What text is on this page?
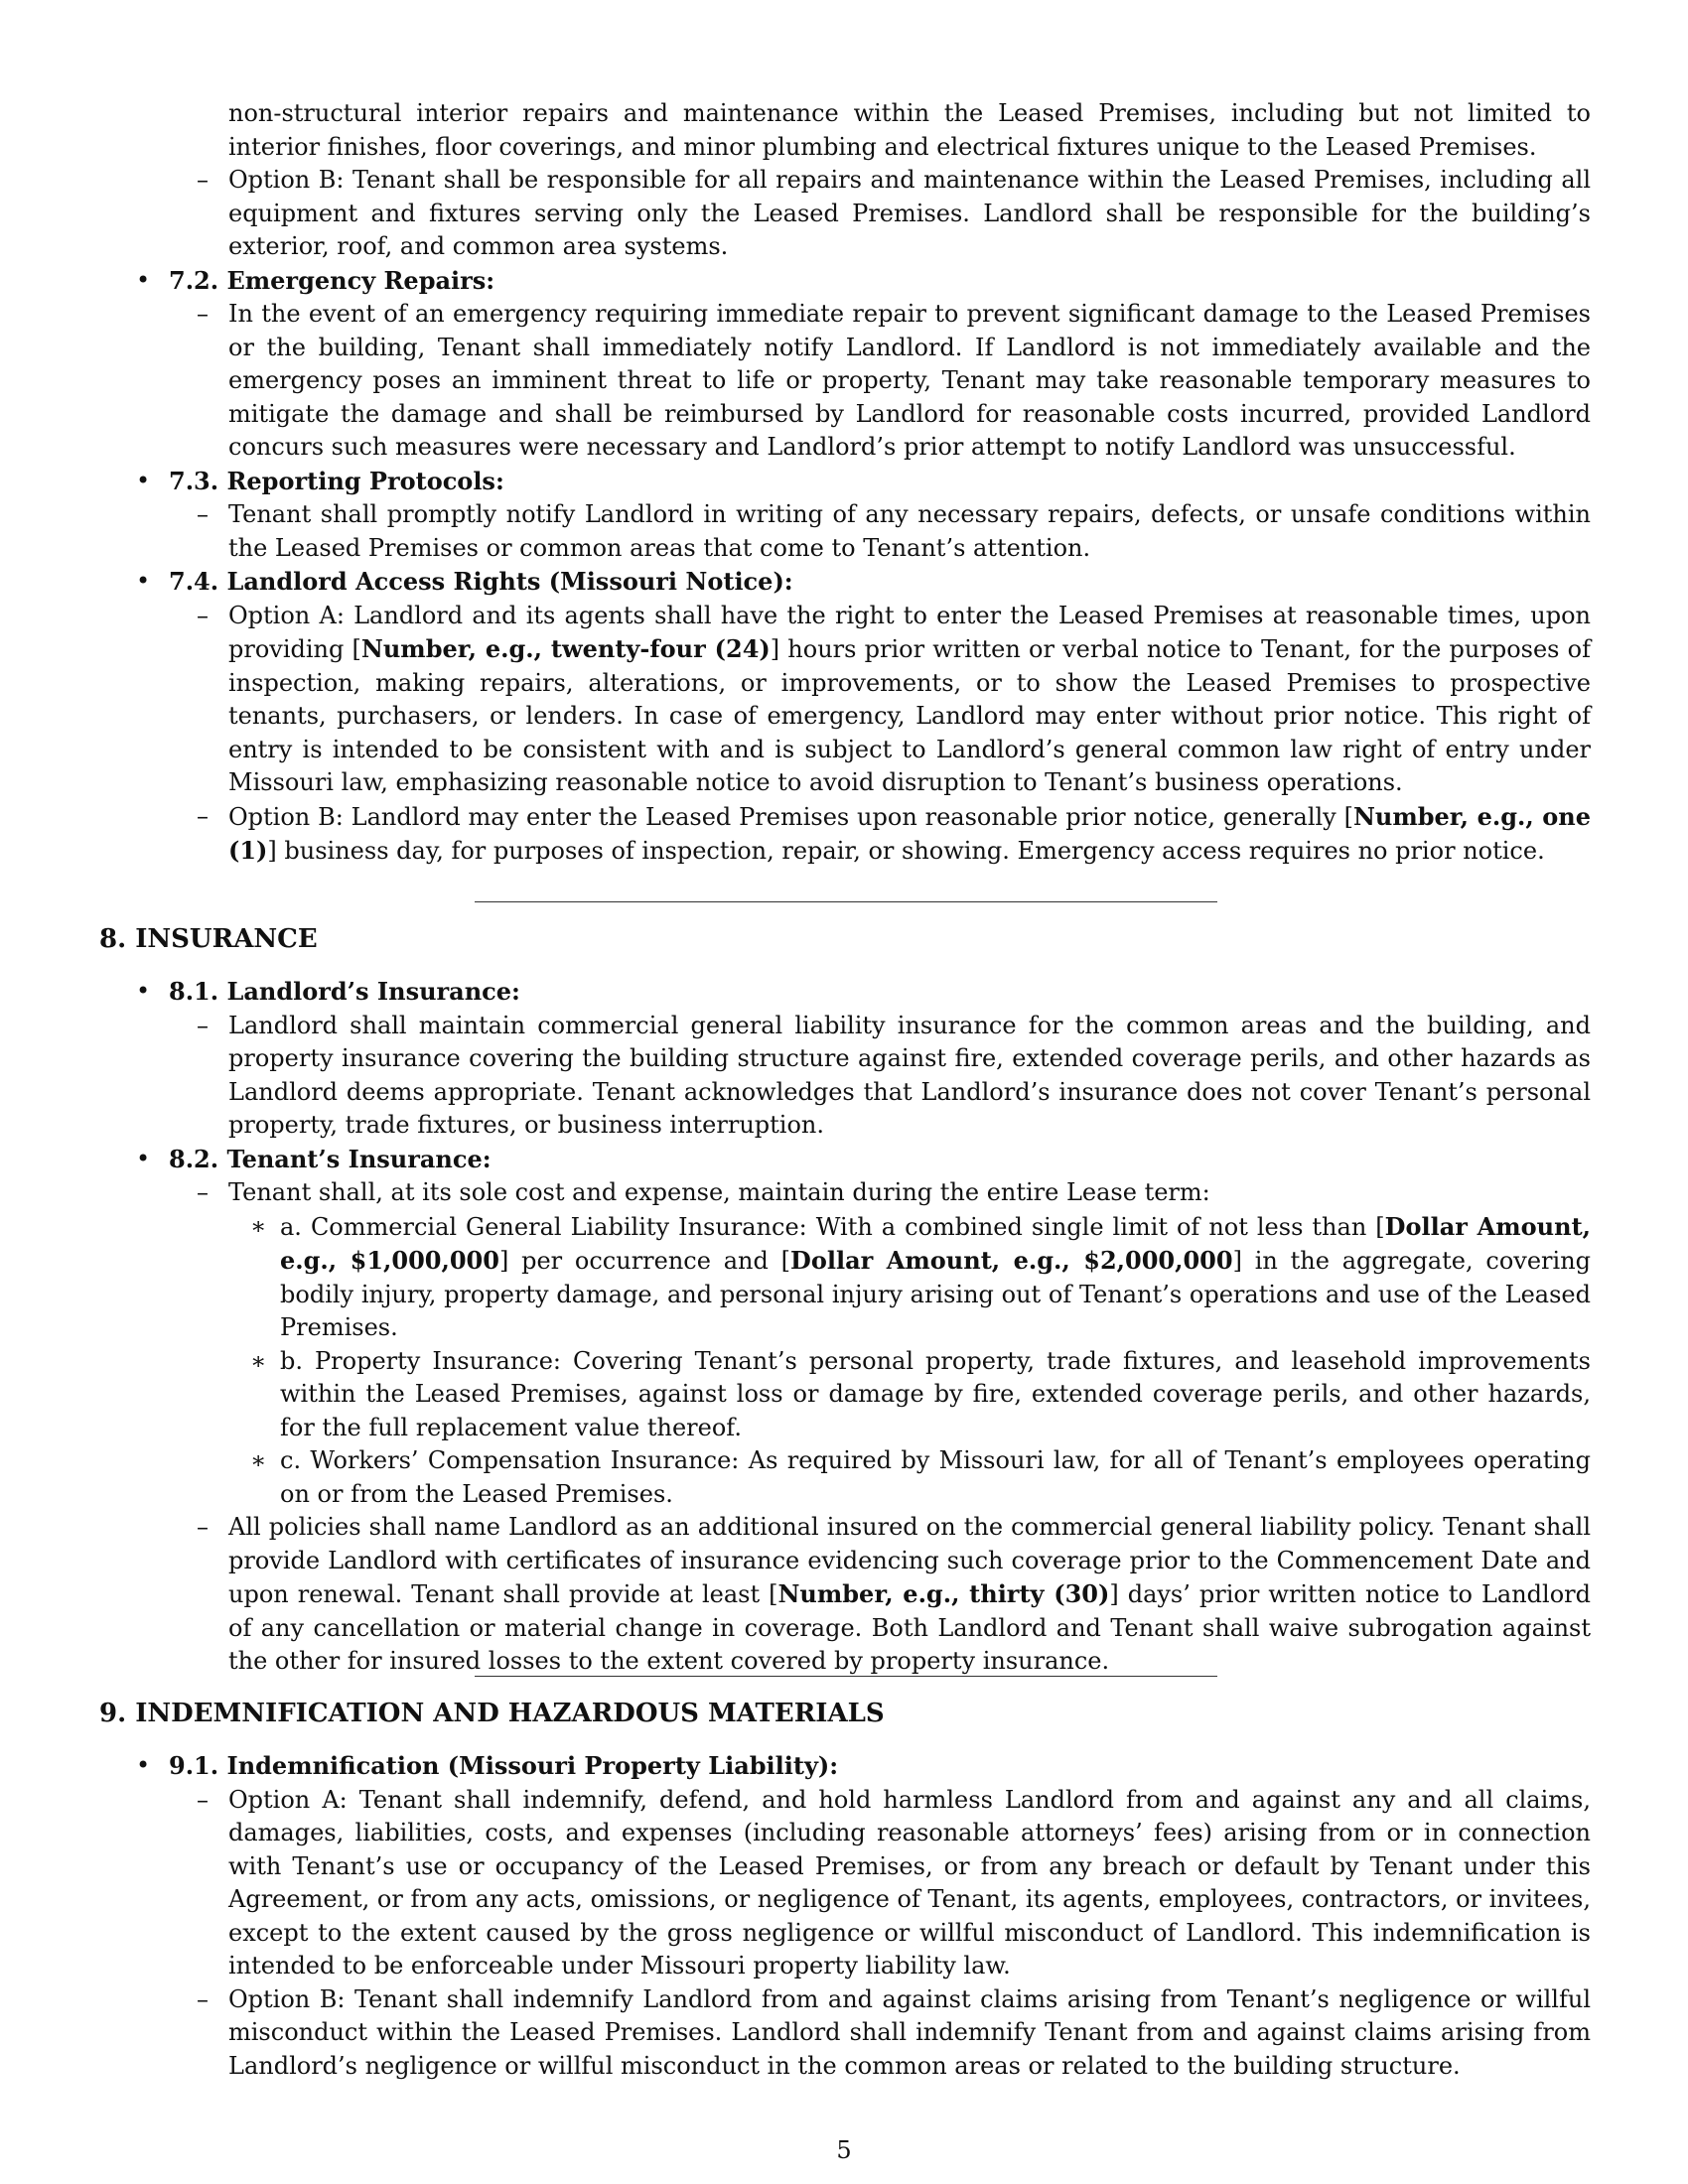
non-structural interior repairs and maintenance within the Leased Premises, including but not limited to interior finishes, floor coverings, and minor plumbing and electrical fixtures unique to the Leased Premises.

– Option B: Tenant shall be responsible for all repairs and maintenance within the Leased Premises, including all equipment and fixtures serving only the Leased Premises. Landlord shall be responsible for the building’s exterior, roof, and common area systems.

• 7.2. Emergency Repairs:

– In the event of an emergency requiring immediate repair to prevent significant damage to the Leased Premises or the building, Tenant shall immediately notify Landlord. If Landlord is not immediately available and the emergency poses an imminent threat to life or property, Tenant may take reasonable temporary measures to mitigate the damage and shall be reimbursed by Landlord for reasonable costs incurred, provided Landlord concurs such measures were necessary and Landlord’s prior attempt to notify Landlord was unsuccessful.

• 7.3. Reporting Protocols:

– Tenant shall promptly notify Landlord in writing of any necessary repairs, defects, or unsafe conditions within the Leased Premises or common areas that come to Tenant’s attention.

• 7.4. Landlord Access Rights (Missouri Notice):

– Option A: Landlord and its agents shall have the right to enter the Leased Premises at reasonable times, upon providing [Number, e.g., twenty-four (24)] hours prior written or verbal notice to Tenant, for the purposes of inspection, making repairs, alterations, or improvements, or to show the Leased Premises to prospective tenants, purchasers, or lenders. In case of emergency, Landlord may enter without prior notice. This right of entry is intended to be consistent with and is subject to Landlord’s general common law right of entry under Missouri law, emphasizing reasonable notice to avoid disruption to Tenant’s business operations.

– Option B: Landlord may enter the Leased Premises upon reasonable prior notice, generally [Number, e.g., one (1)] business day, for purposes of inspection, repair, or showing. Emergency access requires no prior notice.

8. INSURANCE

• 8.1. Landlord’s Insurance:

– Landlord shall maintain commercial general liability insurance for the common areas and the building, and property insurance covering the building structure against fire, extended coverage perils, and other hazards as Landlord deems appropriate. Tenant acknowledges that Landlord’s insurance does not cover Tenant’s personal property, trade fixtures, or business interruption.

• 8.2. Tenant’s Insurance:

– Tenant shall, at its sole cost and expense, maintain during the entire Lease term:

∗ a. Commercial General Liability Insurance: With a combined single limit of not less than [Dollar Amount, e.g., $1,000,000] per occurrence and [Dollar Amount, e.g., $2,000,000] in the aggregate, covering bodily injury, property damage, and personal injury arising out of Tenant’s operations and use of the Leased Premises.

∗ b. Property Insurance: Covering Tenant’s personal property, trade fixtures, and leasehold improvements within the Leased Premises, against loss or damage by fire, extended coverage perils, and other hazards, for the full replacement value thereof.

∗ c. Workers’ Compensation Insurance: As required by Missouri law, for all of Tenant’s employees operating on or from the Leased Premises.

– All policies shall name Landlord as an additional insured on the commercial general liability policy. Tenant shall provide Landlord with certificates of insurance evidencing such coverage prior to the Commencement Date and upon renewal. Tenant shall provide at least [Number, e.g., thirty (30)] days’ prior written notice to Landlord of any cancellation or material change in coverage. Both Landlord and Tenant shall waive subrogation against the other for insured losses to the extent covered by property insurance.

9. INDEMNIFICATION AND HAZARDOUS MATERIALS

• 9.1. Indemnification (Missouri Property Liability):

– Option A: Tenant shall indemnify, defend, and hold harmless Landlord from and against any and all claims, damages, liabilities, costs, and expenses (including reasonable attorneys’ fees) arising from or in connection with Tenant’s use or occupancy of the Leased Premises, or from any breach or default by Tenant under this Agreement, or from any acts, omissions, or negligence of Tenant, its agents, employees, contractors, or invitees, except to the extent caused by the gross negligence or willful misconduct of Landlord. This indemnification is intended to be enforceable under Missouri property liability law.

– Option B: Tenant shall indemnify Landlord from and against claims arising from Tenant’s negligence or willful misconduct within the Leased Premises. Landlord shall indemnify Tenant from and against claims arising from Landlord’s negligence or willful misconduct in the common areas or related to the building structure.

5
